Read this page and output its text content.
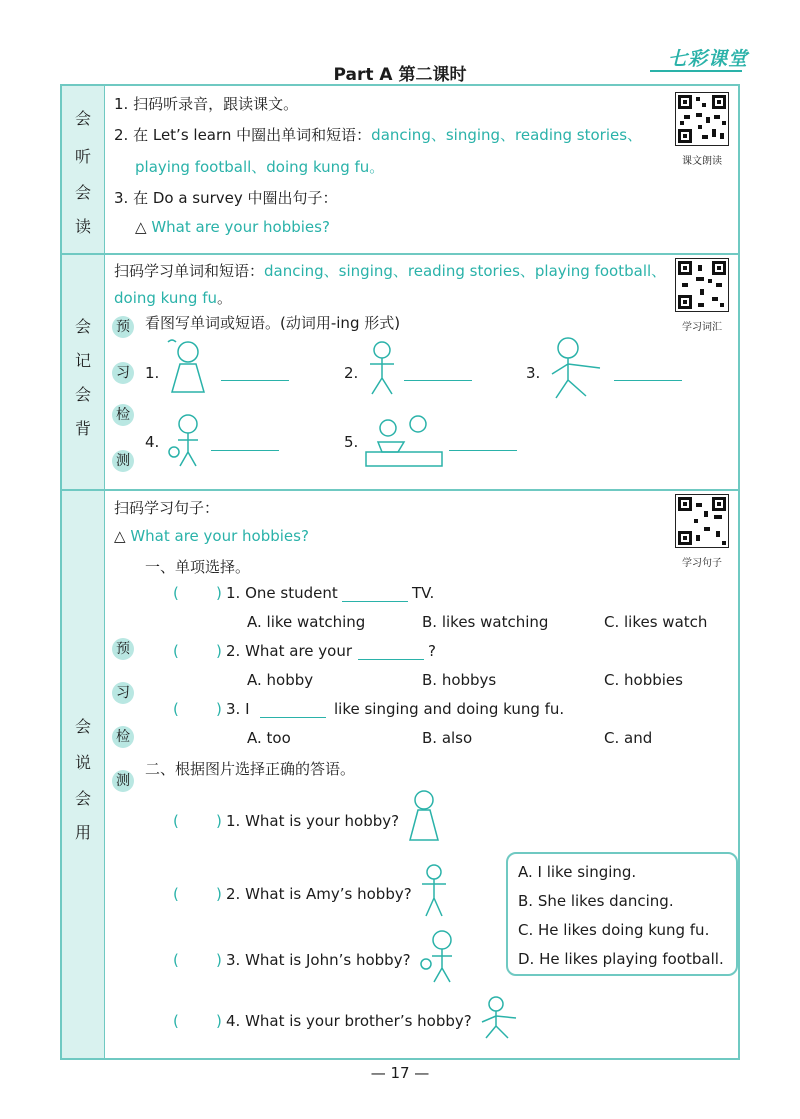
Part A 第二课时
七彩课堂
会
听
会
读
1. 扫码听录音，跟读课文。
2. 在 Let’s learn 中圈出单词和短语：dancing、singing、reading stories、
playing football、doing kung fu。
3. 在 Do a survey 中圈出句子：
△ What are your hobbies?
课文朗读
会
记
会
背
扫码学习单词和短语：dancing、singing、reading stories、playing football、
doing kung fu。
学习词汇
预
习
检
测
看图写单词或短语。(动词用-ing 形式)
1.	2.	3.
4.	5.
会
说
会
用
扫码学习句子：
△ What are your hobbies?
学习句子
一、单项选择。
( ) 1. One student	TV.
A. like watching	B. likes watching	C. likes watch
( ) 2. What are your	?
A. hobby	B. hobbys	C. hobbies
( ) 3. I	like singing and doing kung fu.
A. too	B. also	C. and
预
习
检
测
二、根据图片选择正确的答语。
( ) 1. What is your hobby?
( ) 2. What is Amy’s hobby?
( ) 3. What is John’s hobby?
( ) 4. What is your brother’s hobby?
A. I like singing.
B. She likes dancing.
C. He likes doing kung fu.
D. He likes playing football.
— 17 —
